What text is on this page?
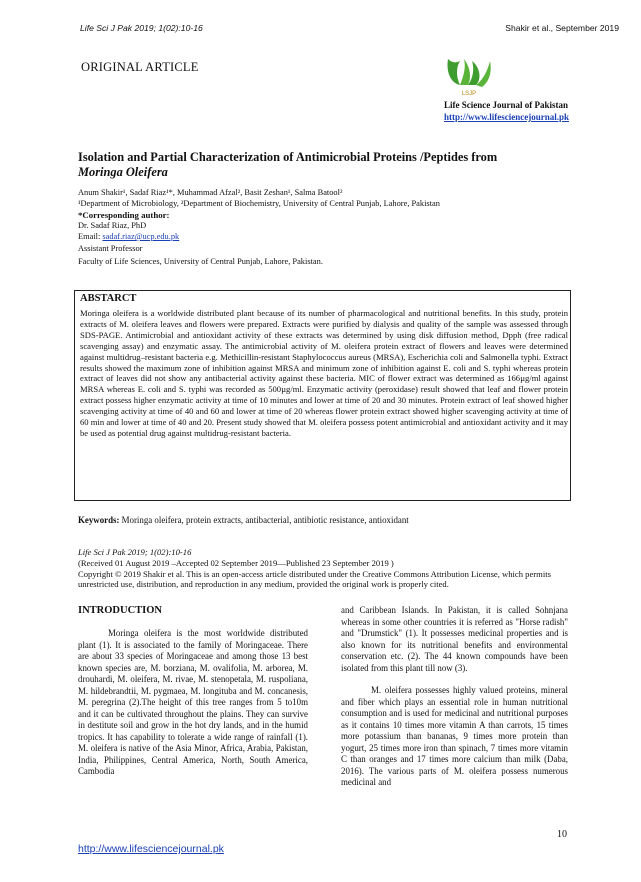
Life Sci J Pak 2019; 1(02):10-16	Shakir et al., September 2019
ORIGINAL ARTICLE
LSJP
Life Science Journal of Pakistan
http://www.lifesciencejournal.pk
Isolation and Partial Characterization of Antimicrobial Proteins /Peptides from
Moringa Oleifera
Anum Shakir¹, Sadaf Riaz¹*, Muhammad Afzal², Basit Zeshan¹, Salma Batool²
¹Department of Microbiology, ²Department of Biochemistry, University of Central Punjab, Lahore, Pakistan
*Corresponding author:
Dr. Sadaf Riaz, PhD
Email: sadaf.riaz@ucp.edu.pk
Assistant Professor
Faculty of Life Sciences, University of Central Punjab, Lahore, Pakistan.
ABSTARCT
Moringa oleifera is a worldwide distributed plant because of its number of pharmacological and nutritional benefits. In this study, protein extracts of M. oleifera leaves and flowers were prepared. Extracts were purified by dialysis and quality of the sample was assessed through SDS-PAGE. Antimicrobial and antioxidant activity of these extracts was determined by using disk diffusion method, Dpph (free radical scavenging assay) and enzymatic assay. The antimicrobial activity of M. oleifera protein extract of flowers and leaves were determined against multidrug–resistant bacteria e.g. Methicillin-resistant Staphylococcus aureus (MRSA), Escherichia coli and Salmonella typhi. Extract results showed the maximum zone of inhibition against MRSA and minimum zone of inhibition against E. coli and S. typhi whereas protein extract of leaves did not show any antibacterial activity against these bacteria. MIC of flower extract was determined as 166µg/ml against MRSA whereas E. coli and S. typhi was recorded as 500µg/ml. Enzymatic activity (peroxidase) result showed that leaf and flower protein extract possess higher enzymatic activity at time of 10 minutes and lower at time of 20 and 30 minutes. Protein extract of leaf showed higher scavenging activity at time of 40 and 60 and lower at time of 20 whereas flower protein extract showed higher scavenging activity at time of 60 min and lower at time of 40 and 20. Present study showed that M. oleifera possess potent antimicrobial and antioxidant activity and it may be used as potential drug against multidrug-resistant bacteria.
Keywords: Moringa oleifera, protein extracts, antibacterial, antibiotic resistance, antioxidant
Life Sci J Pak 2019; 1(02):10-16
(Received 01 August 2019 –Accepted 02 September 2019—Published 23 September 2019 )
Copyright © 2019 Shakir et al. This is an open-access article distributed under the Creative Commons Attribution License, which permits unrestricted use, distribution, and reproduction in any medium, provided the original work is properly cited.
INTRODUCTION

Moringa oleifera is the most worldwide distributed plant (1). It is associated to the family of Moringaceae. There are about 33 species of Moringaceae and among those 13 best known species are, M. borziana, M. ovalifolia, M. arborea, M. drouhardi, M. oleifera, M. rivae, M. stenopetala, M. ruspoliana, M. hildebrandtii, M. pygmaea, M. longituba and M. concanesis, M. peregrina (2).The height of this tree ranges from 5 to10m and it can be cultivated throughout the plains. They can survive in destitute soil and grow in the hot dry lands, and in the humid tropics. It has capability to tolerate a wide range of rainfall (1). M. oleifera is native of the Asia Minor, Africa, Arabia, Pakistan, India, Philippines, Central America, North, South America, Cambodia

and Caribbean Islands. In Pakistan, it is called Sohnjana whereas in some other countries it is referred as "Horse radish" and "Drumstick" (1). It possesses medicinal properties and is also known for its nutritional benefits and environmental conservation etc. (2). The 44 known compounds have been isolated from this plant till now (3).

M. oleifera possesses highly valued proteins, mineral and fiber which plays an essential role in human nutritional consumption and is used for medicinal and nutritional purposes as it contains 10 times more vitamin A than carrots, 15 times more potassium than bananas, 9 times more protein than yogurt, 25 times more iron than spinach, 7 times more vitamin C than oranges and 17 times more calcium than milk (Daba, 2016). The various parts of M. oleifera possess numerous medicinal and

10
http://www.lifesciencejournal.pk
